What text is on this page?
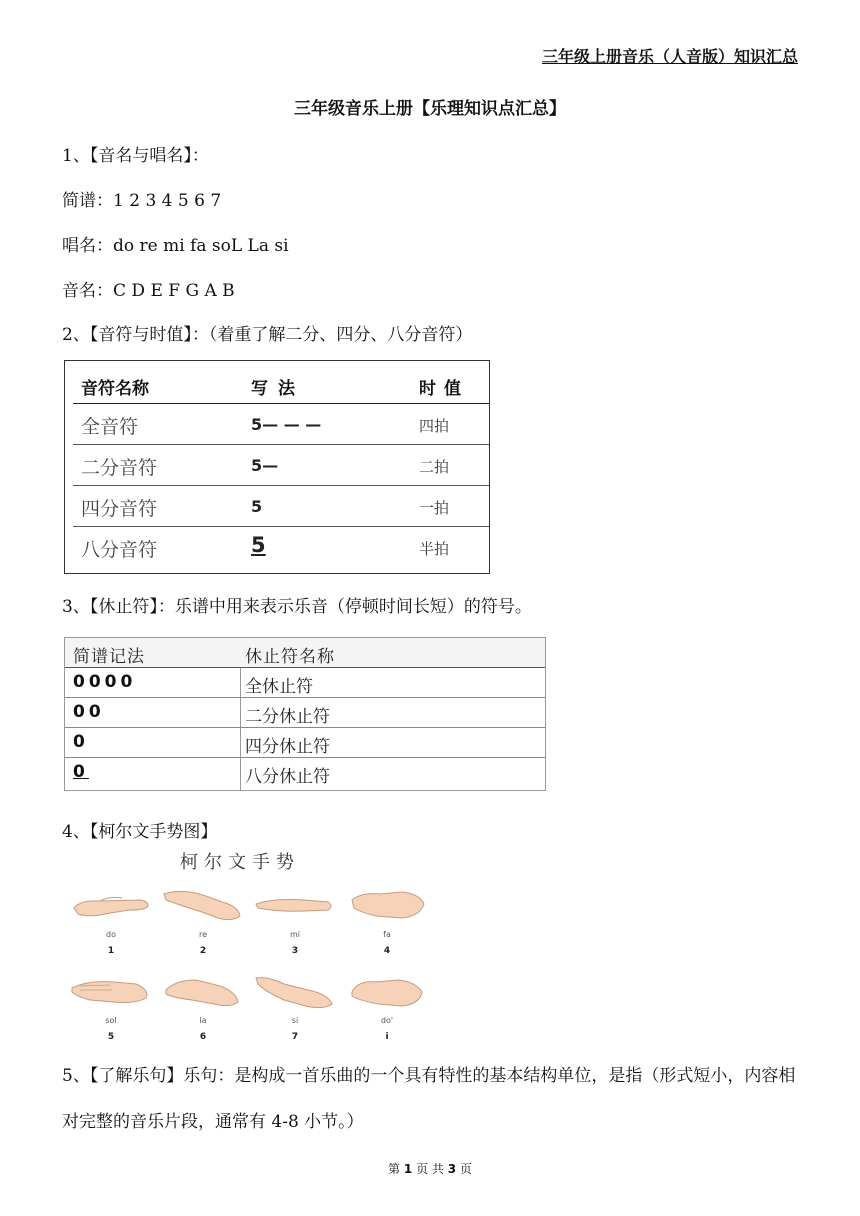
三年级上册音乐（人音版）知识汇总
三年级音乐上册【乐理知识点汇总】
1、【音名与唱名】：
简谱：1 2 3 4 5 6 7
唱名：do re mi fa soL La si
音名：C D E F G A B
2、【音符与时值】：（着重了解二分、四分、八分音符）
音符名称	写法	时值
全音符	5— — —	四拍
二分音符	5—	二拍
四分音符	5	一拍
八分音符	5	半拍
3、【休止符】：乐谱中用来表示乐音（停顿时间长短）的符号。
简谱记法	休止符名称
0000	全休止符
00	二分休止符
0	四分休止符
0	八分休止符
4、【柯尔文手势图】
柯尔文手势
do
1
re
2
mi
3
fa
4
sol
5
la
6
si
7
do'
i
5、【了解乐句】乐句：是构成一首乐曲的一个具有特性的基本结构单位，是指（形式短小，内容相对完整的音乐片段，通常有 4-8 小节。）
第 1 页 共 3 页
